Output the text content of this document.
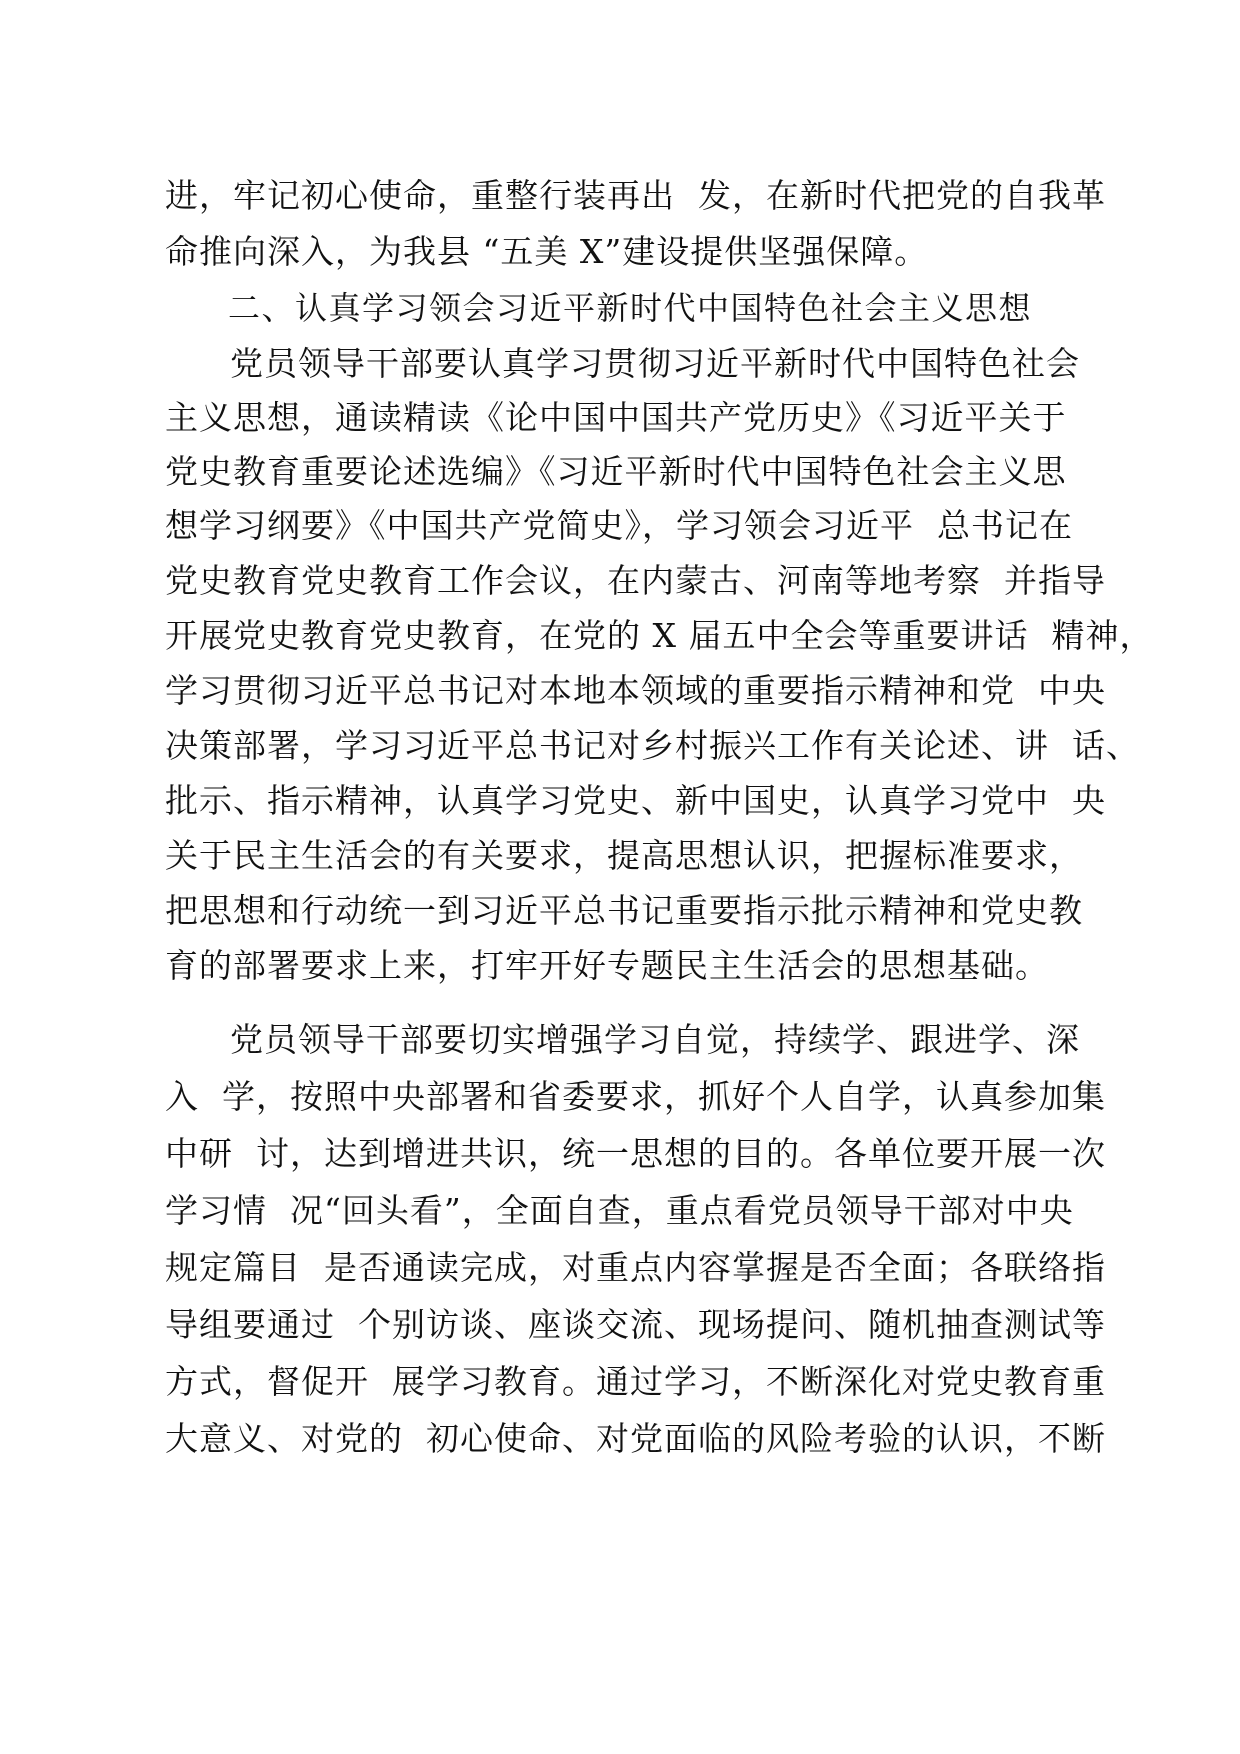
进，牢记初心使命，重整行装再出  发，在新时代把党的自我革
命推向深入，为我县 “五美 X”建设提供坚强保障。
二、认真学习领会习近平新时代中国特色社会主义思想
党员领导干部要认真学习贯彻习近平新时代中国特色社会
主义思想，通读精读《论中国中国共产党历史》《习近平关于
党史教育重要论述选编》《习近平新时代中国特色社会主义思
想学习纲要》《中国共产党简史》，学习领会习近平  总书记在
党史教育党史教育工作会议，在内蒙古、河南等地考察  并指导
开展党史教育党史教育，在党的 X 届五中全会等重要讲话  精神，
学习贯彻习近平总书记对本地本领域的重要指示精神和党  中央
决策部署，学习习近平总书记对乡村振兴工作有关论述、讲  话、
批示、指示精神，认真学习党史、新中国史，认真学习党中  央
关于民主生活会的有关要求，提高思想认识，把握标准要求，
把思想和行动统一到习近平总书记重要指示批示精神和党史教
育的部署要求上来，打牢开好专题民主生活会的思想基础。
党员领导干部要切实增强学习自觉，持续学、跟进学、深
入  学，按照中央部署和省委要求，抓好个人自学，认真参加集
中研  讨，达到增进共识，统一思想的目的。各单位要开展一次
学习情  况“回头看”，全面自查，重点看党员领导干部对中央
规定篇目  是否通读完成，对重点内容掌握是否全面；各联络指
导组要通过  个别访谈、座谈交流、现场提问、随机抽查测试等
方式，督促开  展学习教育。通过学习，不断深化对党史教育重
大意义、对党的  初心使命、对党面临的风险考验的认识，不断
